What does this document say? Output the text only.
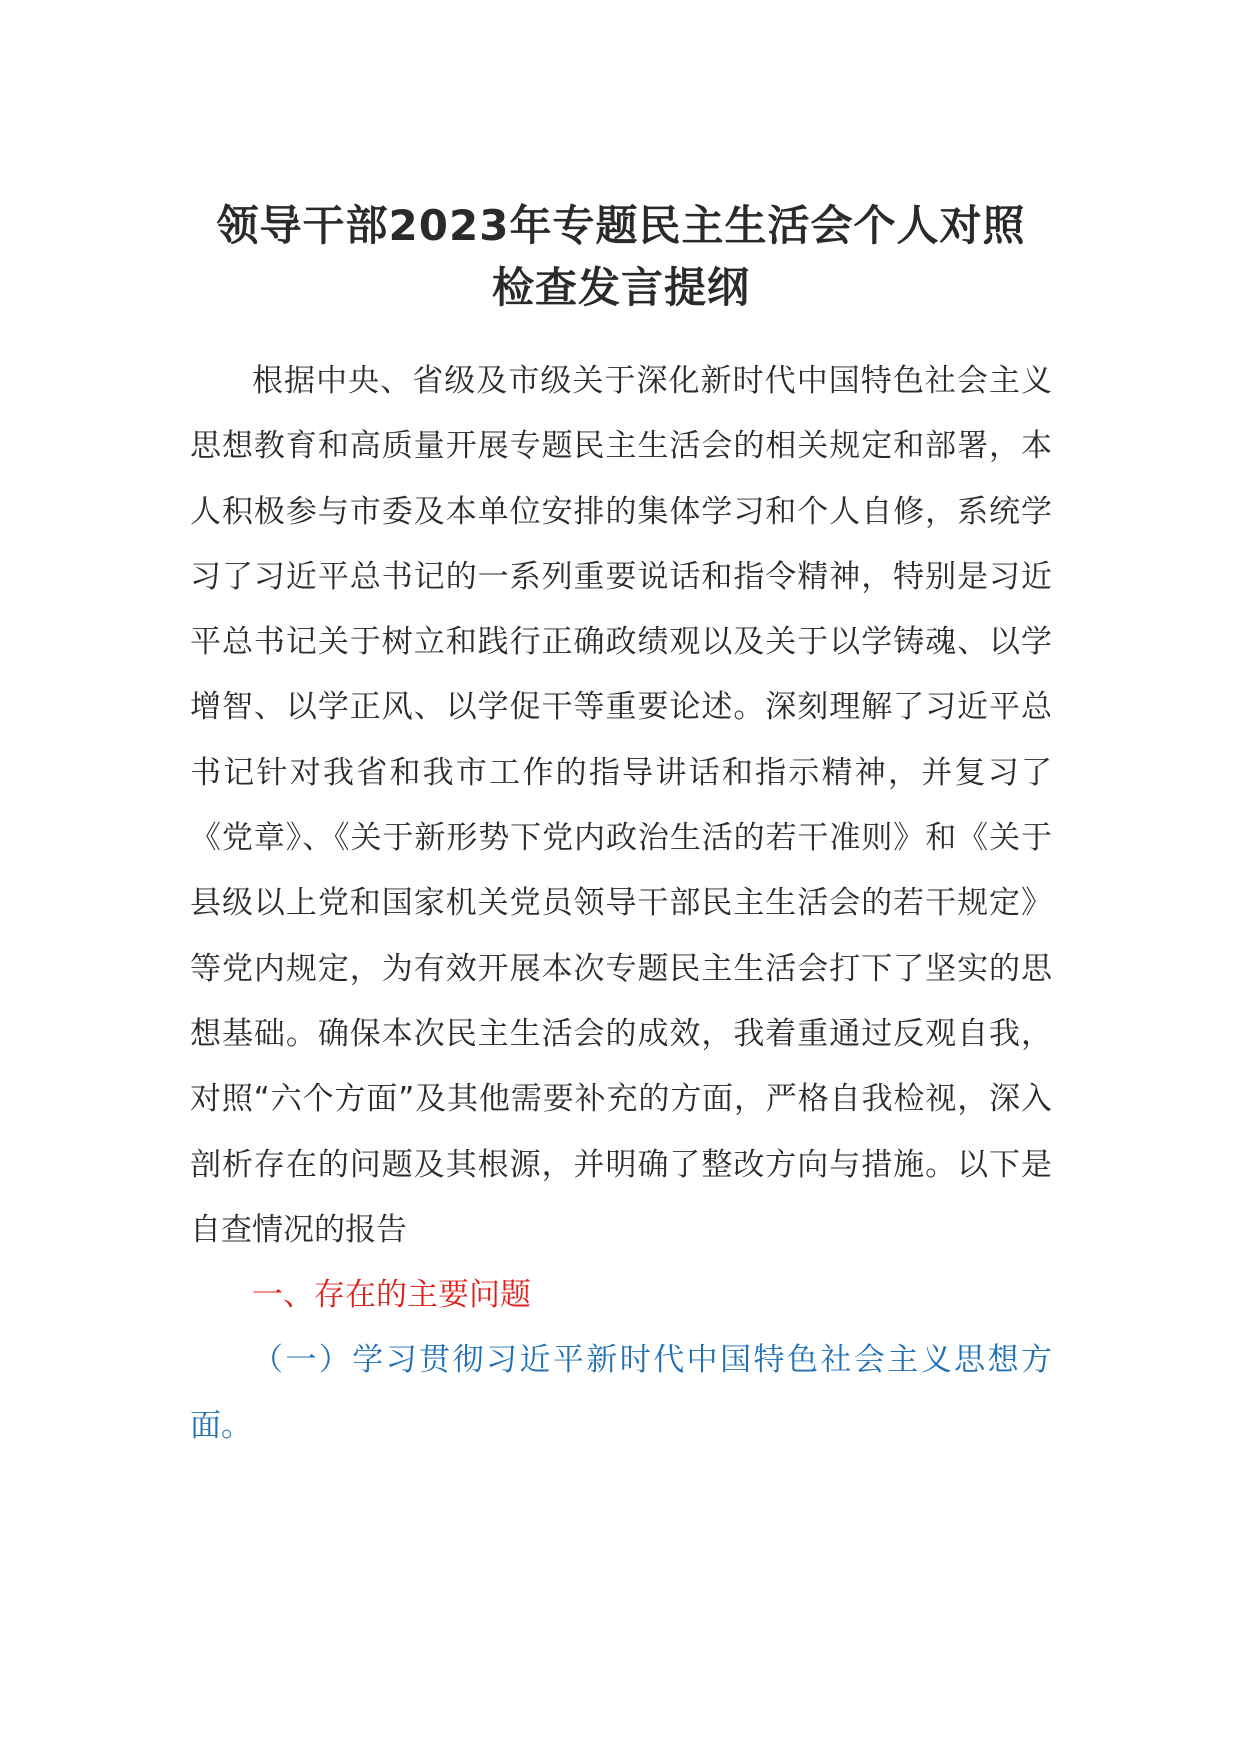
领导干部2023年专题民主生活会个人对照
检查发言提纲

根据中央、省级及市级关于深化新时代中国特色社会主义思想教育和高质量开展专题民主生活会的相关规定和部署，本人积极参与市委及本单位安排的集体学习和个人自修，系统学习了习近平总书记的一系列重要说话和指令精神，特别是习近平总书记关于树立和践行正确政绩观以及关于以学铸魂、以学增智、以学正风、以学促干等重要论述。深刻理解了习近平总书记针对我省和我市工作的指导讲话和指示精神，并复习了《党章》、《关于新形势下党内政治生活的若干准则》和《关于县级以上党和国家机关党员领导干部民主生活会的若干规定》等党内规定，为有效开展本次专题民主生活会打下了坚实的思想基础。确保本次民主生活会的成效，我着重通过反观自我，对照“六个方面”及其他需要补充的方面，严格自我检视，深入剖析存在的问题及其根源，并明确了整改方向与措施。以下是自查情况的报告

一、存在的主要问题

（一）学习贯彻习近平新时代中国特色社会主义思想方面。
